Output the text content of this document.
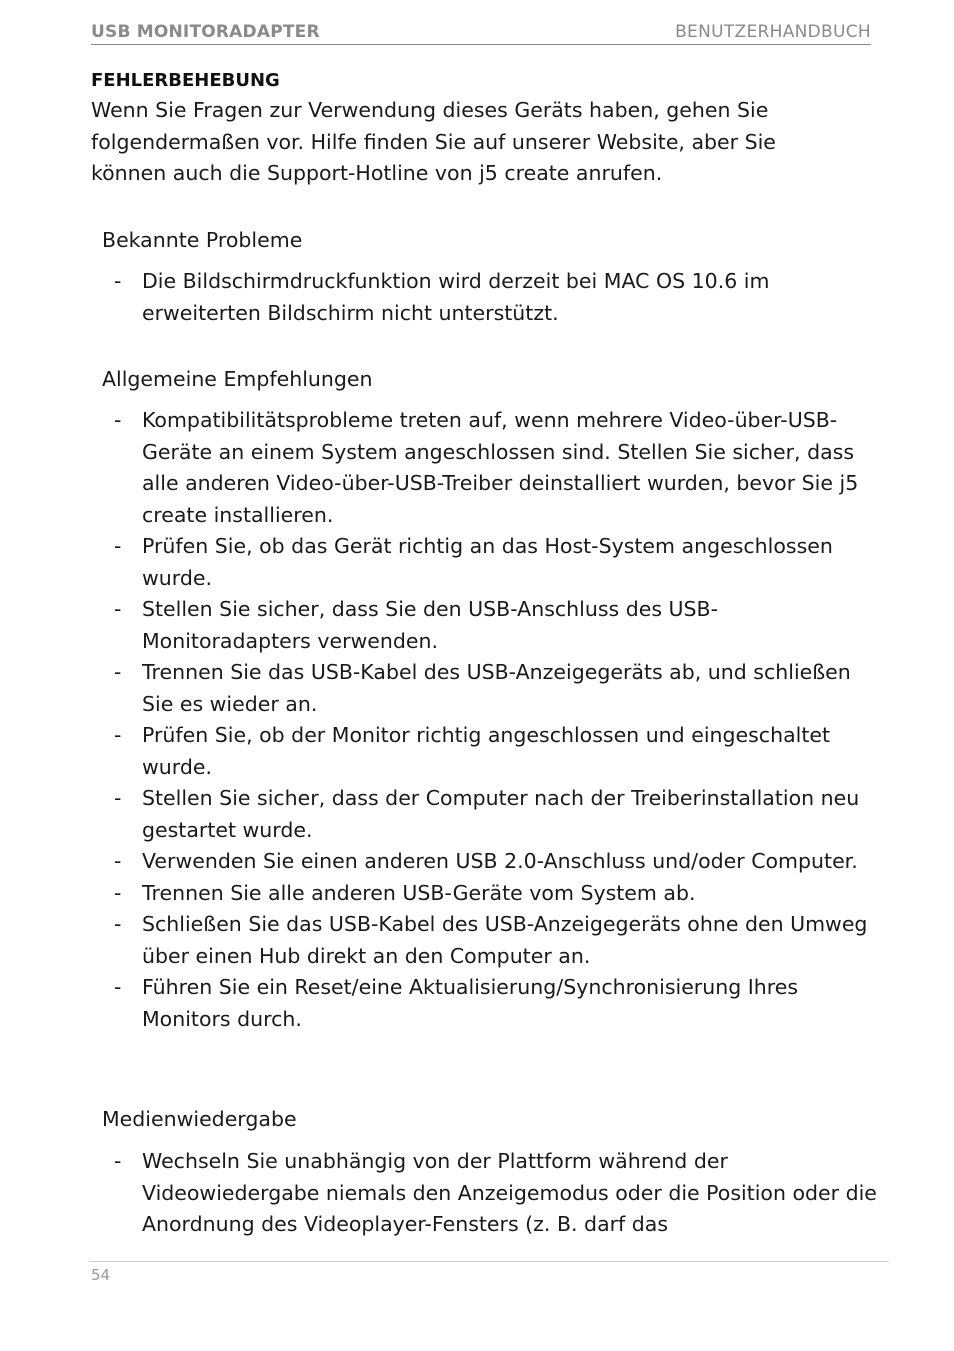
USB MONITORADAPTER	BENUTZERHANDBUCH
FEHLERBEHEBUNG

Wenn Sie Fragen zur Verwendung dieses Geräts haben, gehen Sie folgendermaßen vor. Hilfe finden Sie auf unserer Website, aber Sie können auch die Support-Hotline von j5 create anrufen.

Bekannte Probleme

- Die Bildschirmdruckfunktion wird derzeit bei MAC OS 10.6 im erweiterten Bildschirm nicht unterstützt.

Allgemeine Empfehlungen

- Kompatibilitätsprobleme treten auf, wenn mehrere Video-über-USB-Geräte an einem System angeschlossen sind. Stellen Sie sicher, dass alle anderen Video-über-USB-Treiber deinstalliert wurden, bevor Sie j5 create installieren.
- Prüfen Sie, ob das Gerät richtig an das Host-System angeschlossen wurde.
- Stellen Sie sicher, dass Sie den USB-Anschluss des USB-Monitoradapters verwenden.
- Trennen Sie das USB-Kabel des USB-Anzeigegeräts ab, und schließen Sie es wieder an.
- Prüfen Sie, ob der Monitor richtig angeschlossen und eingeschaltet wurde.
- Stellen Sie sicher, dass der Computer nach der Treiberinstallation neu gestartet wurde.
- Verwenden Sie einen anderen USB 2.0-Anschluss und/oder Computer.
- Trennen Sie alle anderen USB-Geräte vom System ab.
- Schließen Sie das USB-Kabel des USB-Anzeigegeräts ohne den Umweg über einen Hub direkt an den Computer an.
- Führen Sie ein Reset/eine Aktualisierung/Synchronisierung Ihres Monitors durch.

Medienwiedergabe

- Wechseln Sie unabhängig von der Plattform während der Videowiedergabe niemals den Anzeigemodus oder die Position oder die Anordnung des Videoplayer-Fensters (z. B. darf das
54
